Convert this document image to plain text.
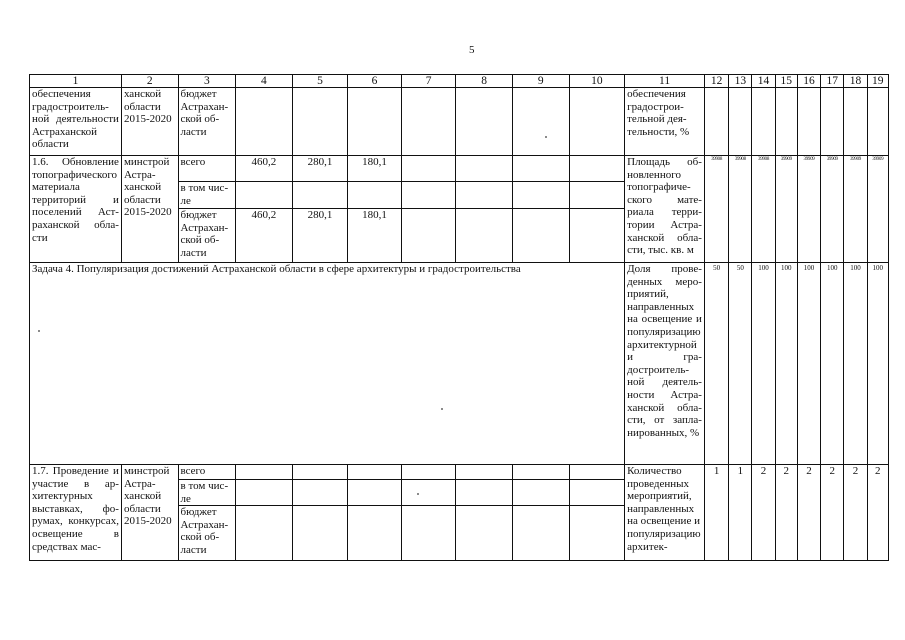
5
1	2	3	4	5	6	7	8	9	10	11	12	13	14	15	16	17	18	19
обеспечения градостроительной деятельности Астраханской области	ханской области 2015-2020	бюджет Астраханской области								обеспечения градостроительной деятельности, %								
1.6. Обновление топографического материала территорий и поселений Астраханской области	минстрой Астраханской области 2015-2020	всего	460,2	280,1	180,1					Площадь обновленного топографического материала территории Астраханской области, тыс. кв. м	39908	39908	39908	39909	39909	39909	39909	39909
		в том числе																
		бюджет Астраханской области	460,2	280,1	180,1													
Задача 4. Популяризация достижений Астраханской области в сфере архитектуры и градостроительства										Доля проведенных мероприятий, направленных на освещение и популяризацию архитектурной и градостроительной деятельности Астраханской области, от запланированных, %	50	50	100	100	100	100	100	100
1.7. Проведение и участие в архитектурных выставках, форумах, конкурсах, освещение в средствах мас-	минстрой Астраханской области 2015-2020	всего								Количество проведенных мероприятий, направленных на освещение и популяризацию архитек-	1	1	2	2	2	2	2	2
		в том числе																
		бюджет Астраханской области																
